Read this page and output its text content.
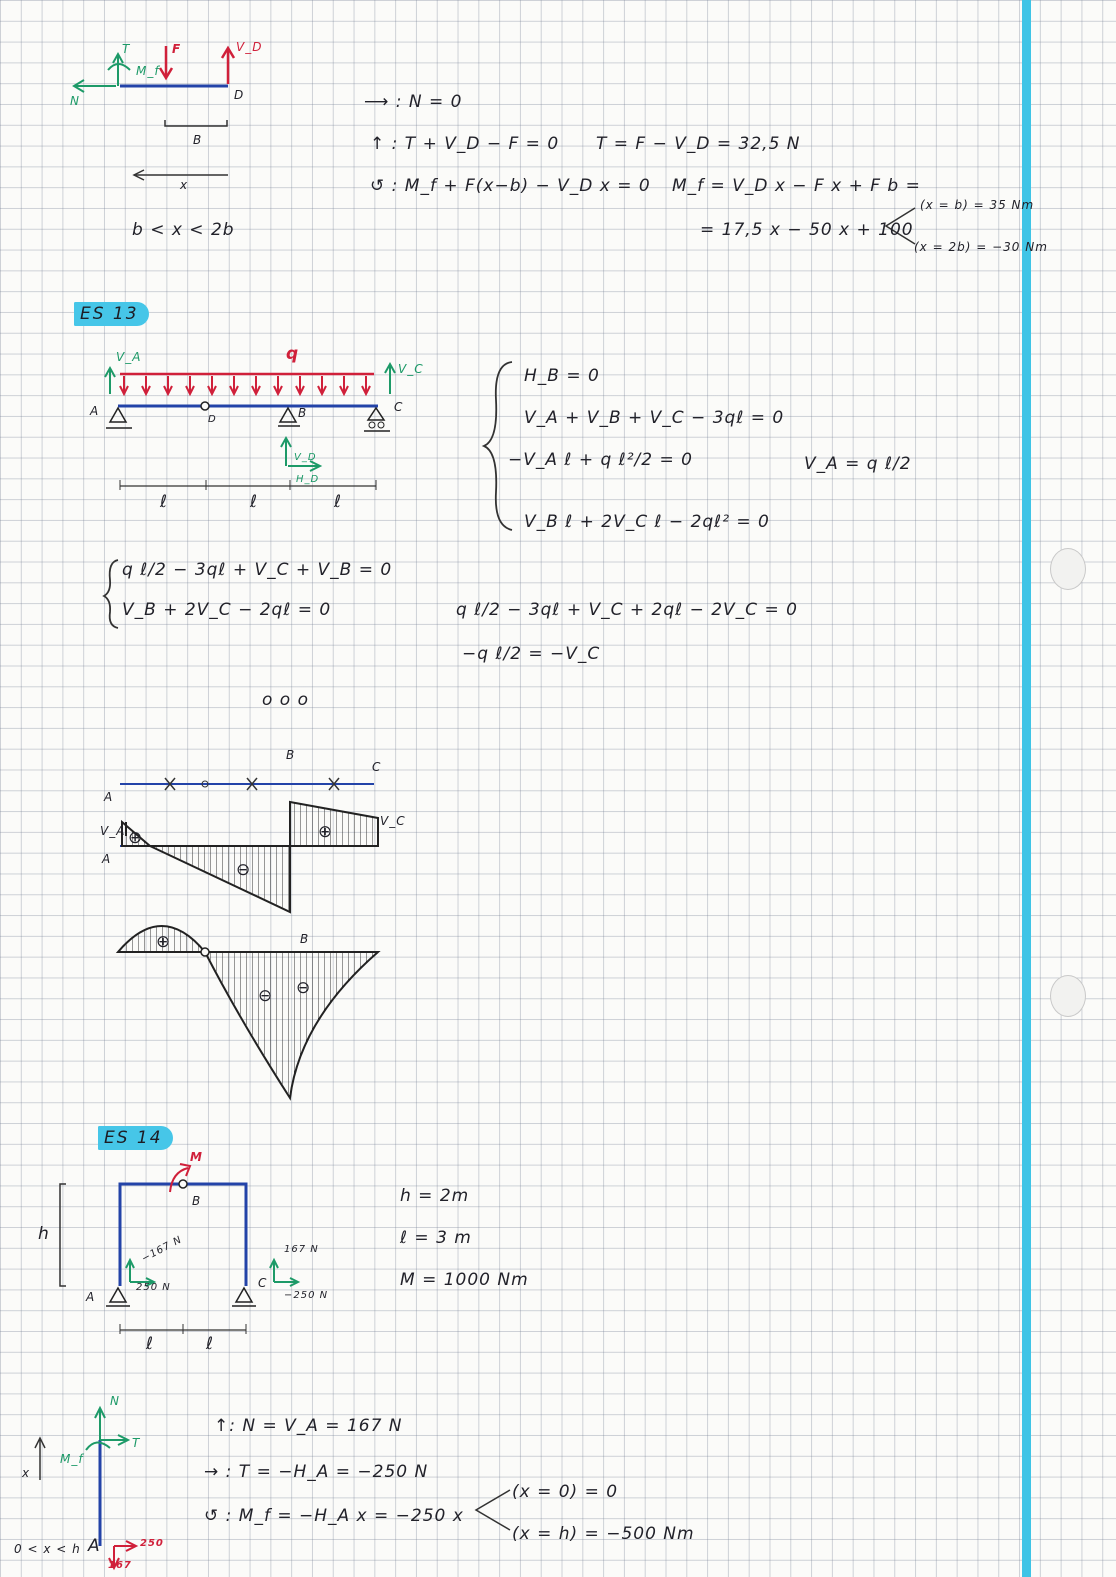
T
M_f
F
N
V_D
D
B
x
b < x < 2b
⟶ : N = 0
↑ : T + V_D − F = 0
↺ : M_f + F(x−b) − V_D x = 0
T = F − V_D = 32,5 N
M_f = V_D x − F x + F b =
= 17,5 x − 50 x + 100
(x = b) = 35 Nm
(x = 2b) = −30 Nm
ES 13
V_A	q
V_C
A
D	B	C
V_D
H_D
ℓ	ℓ	ℓ
H_B = 0
V_A + V_B + V_C − 3qℓ = 0
−V_A ℓ + q ℓ²/2 = 0
V_B ℓ + 2V_C ℓ − 2qℓ² = 0
V_A = q ℓ/2
q ℓ/2 − 3qℓ + V_C + V_B = 0
V_B + 2V_C − 2qℓ = 0	q ℓ/2 − 3qℓ + V_C + 2qℓ − 2V_C = 0
−q ℓ/2 = −V_C
o o o
B
C
A
V_A
A
V_C
⊕
⊖
⊕
B
⊕
⊖ ⊖
ES 14
M
B
h
A
C
ℓ	ℓ
−167 N
250 N
167 N
−250 N
h = 2m
ℓ = 3 m
M = 1000 Nm
N
M_f
T
x
0 < x < h A	250
167
↑: N = V_A = 167 N
→ : T = −H_A = −250 N
↺ : M_f = −H_A x = −250 x
(x = 0) = 0
(x = h) = −500 Nm
